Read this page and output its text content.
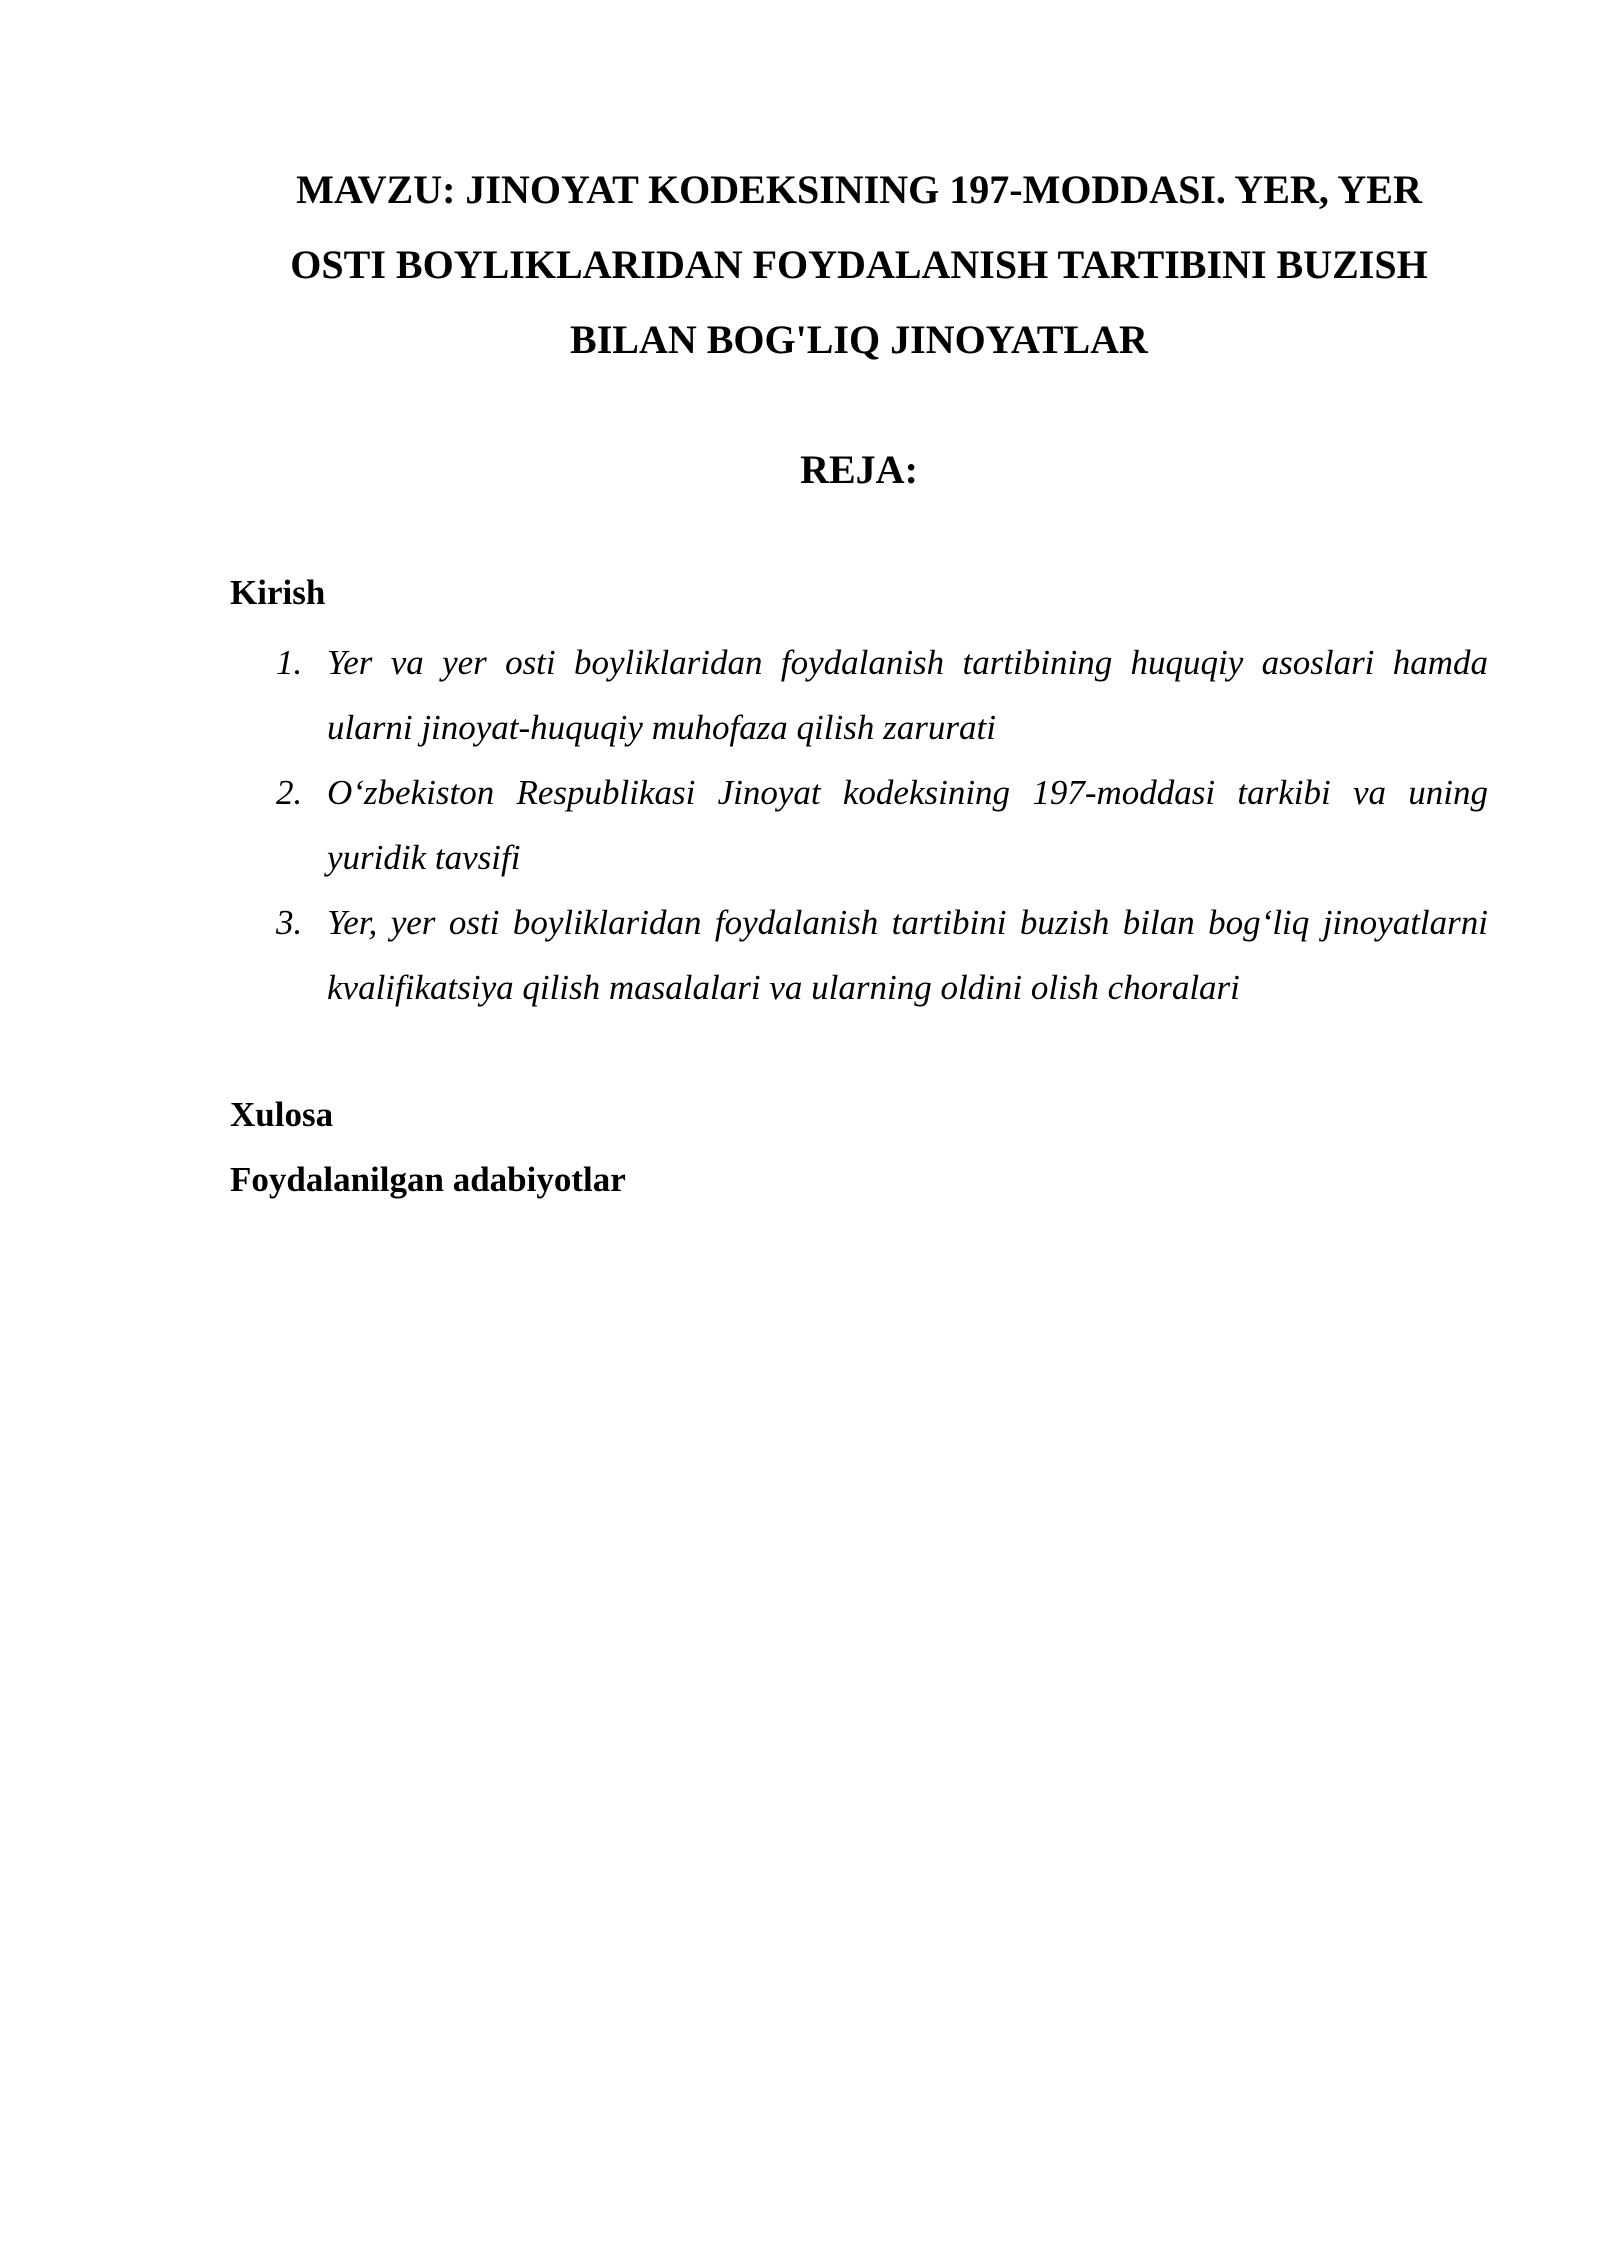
MAVZU: JINOYAT KODEKSINING 197-MODDASI. YER, YER
OSTI BOYLIKLARIDAN FOYDALANISH TARTIBINI BUZISH
BILAN BOG'LIQ JINOYATLAR
REJA:
Kirish
1. Yer va yer osti boyliklaridan foydalanish tartibining huquqiy asoslari hamda ularni jinoyat-huquqiy muhofaza qilish zarurati
2. O‘zbekiston Respublikasi Jinoyat kodeksining 197-moddasi tarkibi va uning yuridik tavsifi
3. Yer, yer osti boyliklaridan foydalanish tartibini buzish bilan bog‘liq jinoyatlarni kvalifikatsiya qilish masalalari va ularning oldini olish choralari
Xulosa
Foydalanilgan adabiyotlar
